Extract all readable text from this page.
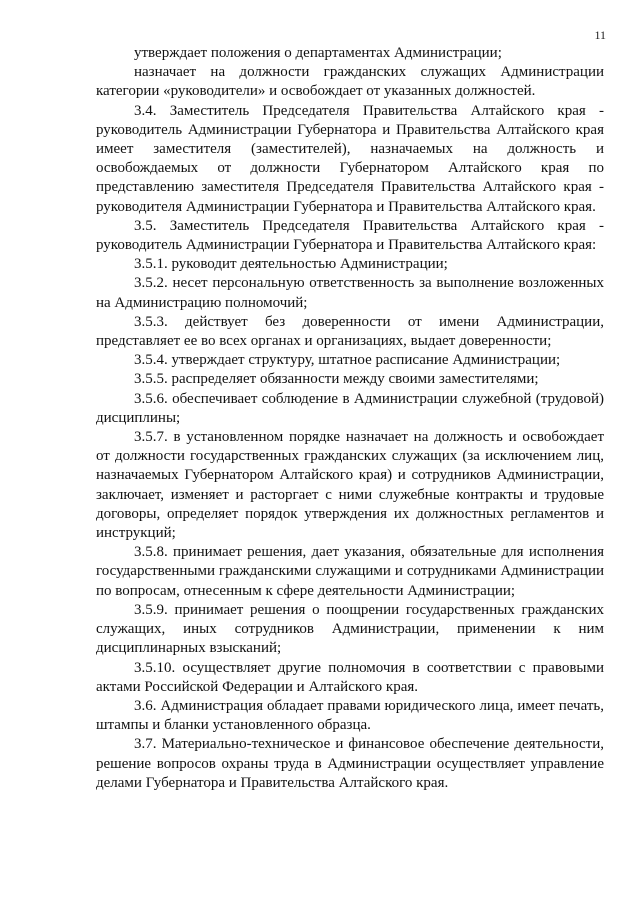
11

утверждает положения о департаментах Администрации;

назначает на должности гражданских служащих Администрации категории «руководители» и освобождает от указанных должностей.

3.4. Заместитель Председателя Правительства Алтайского края - руководитель Администрации Губернатора и Правительства Алтайского края имеет заместителя (заместителей), назначаемых на должность и освобождаемых от должности Губернатором Алтайского края по представлению заместителя Председателя Правительства Алтайского края - руководителя Администрации Губернатора и Правительства Алтайского края.

3.5. Заместитель Председателя Правительства Алтайского края - руководитель Администрации Губернатора и Правительства Алтайского края:

3.5.1. руководит деятельностью Администрации;

3.5.2. несет персональную ответственность за выполнение возложенных на Администрацию полномочий;

3.5.3. действует без доверенности от имени Администрации, представляет ее во всех органах и организациях, выдает доверенности;

3.5.4. утверждает структуру, штатное расписание Администрации;

3.5.5. распределяет обязанности между своими заместителями;

3.5.6. обеспечивает соблюдение в Администрации служебной (трудовой) дисциплины;

3.5.7. в установленном порядке назначает на должность и освобождает от должности государственных гражданских служащих (за исключением лиц, назначаемых Губернатором Алтайского края) и сотрудников Администрации, заключает, изменяет и расторгает с ними служебные контракты и трудовые договоры, определяет порядок утверждения их должностных регламентов и инструкций;

3.5.8. принимает решения, дает указания, обязательные для исполнения государственными гражданскими служащими и сотрудниками Администрации по вопросам, отнесенным к сфере деятельности Администрации;

3.5.9. принимает решения о поощрении государственных гражданских служащих, иных сотрудников Администрации, применении к ним дисциплинарных взысканий;

3.5.10. осуществляет другие полномочия в соответствии с правовыми актами Российской Федерации и Алтайского края.

3.6. Администрация обладает правами юридического лица, имеет печать, штампы и бланки установленного образца.

3.7. Материально-техническое и финансовое обеспечение деятельности, решение вопросов охраны труда в Администрации осуществляет управление делами Губернатора и Правительства Алтайского края.
